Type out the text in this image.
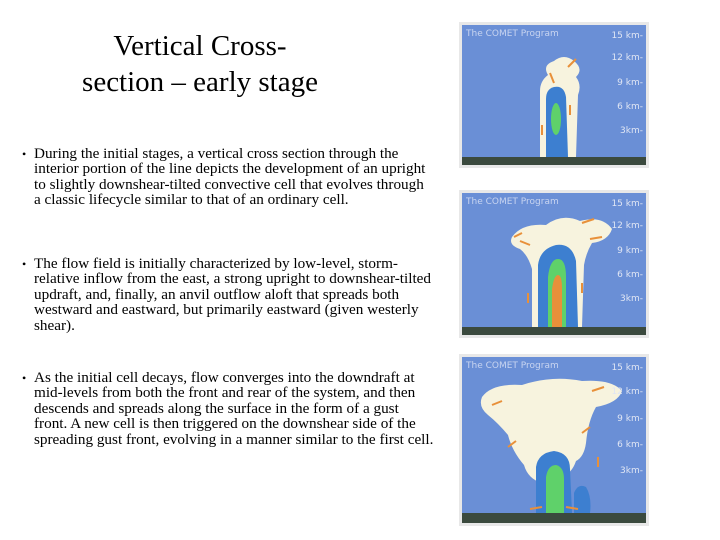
Vertical Cross-
section – early stage
• During the initial stages, a vertical cross section through the interior portion of the line depicts the development of an upright to slightly downshear-tilted convective cell that evolves through a classic lifecycle similar to that of an ordinary cell.
• The flow field is initially characterized by low-level, storm-relative inflow from the east, a strong upright to downshear-tilted updraft, and, finally, an anvil outflow aloft that spreads both westward and eastward, but primarily eastward (given westerly shear).
• As the initial cell decays, flow converges into the downdraft at mid-levels from both the front and rear of the system, and then descends and spreads along the surface in the form of a gust front. A new cell is then triggered on the downshear side of the spreading gust front, evolving in a manner similar to the first cell.
The COMET Program	15 km -
12 km -
9 km -
6 km -
3km -
The COMET Program	15 km -
12 km -
9 km -
6 km -
3km -
The COMET Program	15 km -
12 km -
9 km -
6 km -
3km -
